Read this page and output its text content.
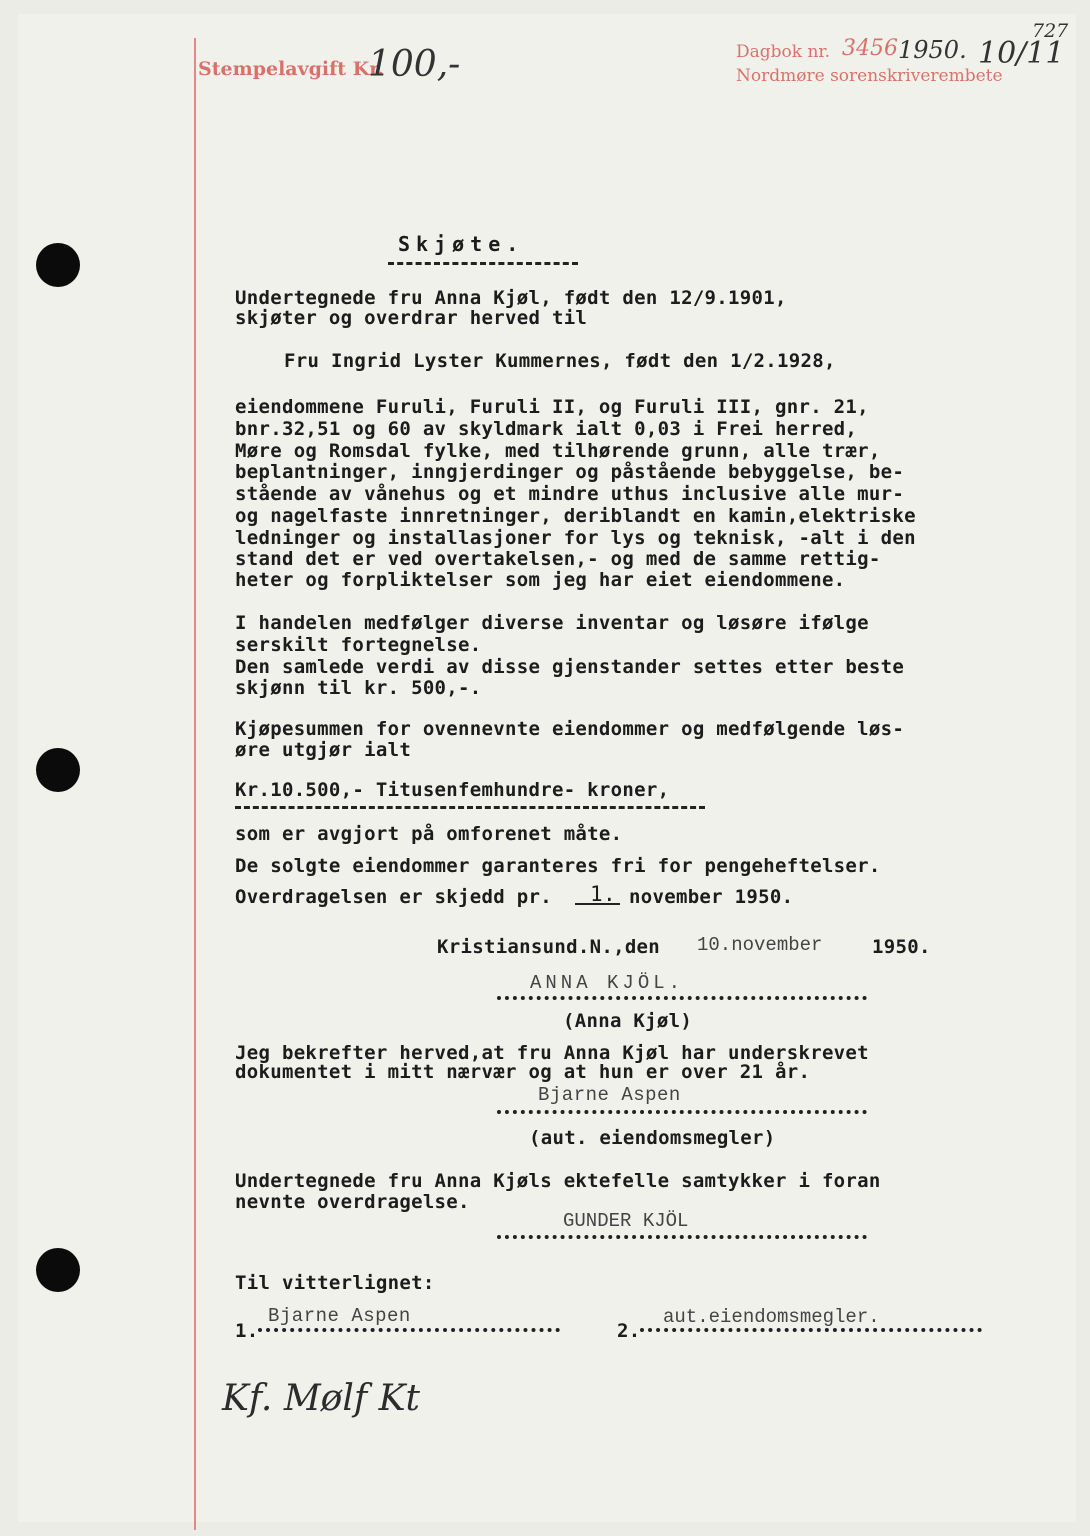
Stempelavgift Kr.
100,-	Dagbok nr. 3456 1950. 10/11
Nordmøre sorenskriverembete
727
Skjøte.
Undertegnede fru Anna Kjøl, født den 12/9.1901,
skjøter og overdrar herved til
Fru Ingrid Lyster Kummernes, født den 1/2.1928,
eiendommene Furuli, Furuli II, og Furuli III, gnr. 21,
bnr.32,51 og 60 av skyldmark ialt 0,03 i Frei herred,
Møre og Romsdal fylke, med tilhørende grunn, alle trær,
beplantninger, inngjerdinger og påstående bebyggelse, be-
stående av vånehus og et mindre uthus inclusive alle mur-
og nagelfaste innretninger, deriblandt en kamin,elektriske
ledninger og installasjoner for lys og teknisk, -alt i den
stand det er ved overtakelsen,- og med de samme rettig-
heter og forpliktelser som jeg har eiet eiendommene.
I handelen medfølger diverse inventar og løsøre ifølge
serskilt fortegnelse.
Den samlede verdi av disse gjenstander settes etter beste
skjønn til kr. 500,-.
Kjøpesummen for ovennevnte eiendommer og medfølgende løs-
øre utgjør ialt
Kr.10.500,- Titusenfemhundre- kroner,
som er avgjort på omforenet måte.
De solgte eiendommer garanteres fri for pengeheftelser.
Overdragelsen er skjedd pr. 1. november 1950.
Kristiansund.N.,den 10.november	1950.
ANNA KJÖL.
(Anna Kjøl)
Jeg bekrefter herved,at fru Anna Kjøl har underskrevet
dokumentet i mitt nærvær og at hun er over 21 år.
Bjarne Aspen
(aut. eiendomsmegler)
Undertegnede fru Anna Kjøls ektefelle samtykker i foran
nevnte overdragelse.
GUNDER KJÖL
Til vitterlignet:
1.
Bjarne Aspen
2.
aut.eiendomsmegler.
Kf. Mølf Kt
